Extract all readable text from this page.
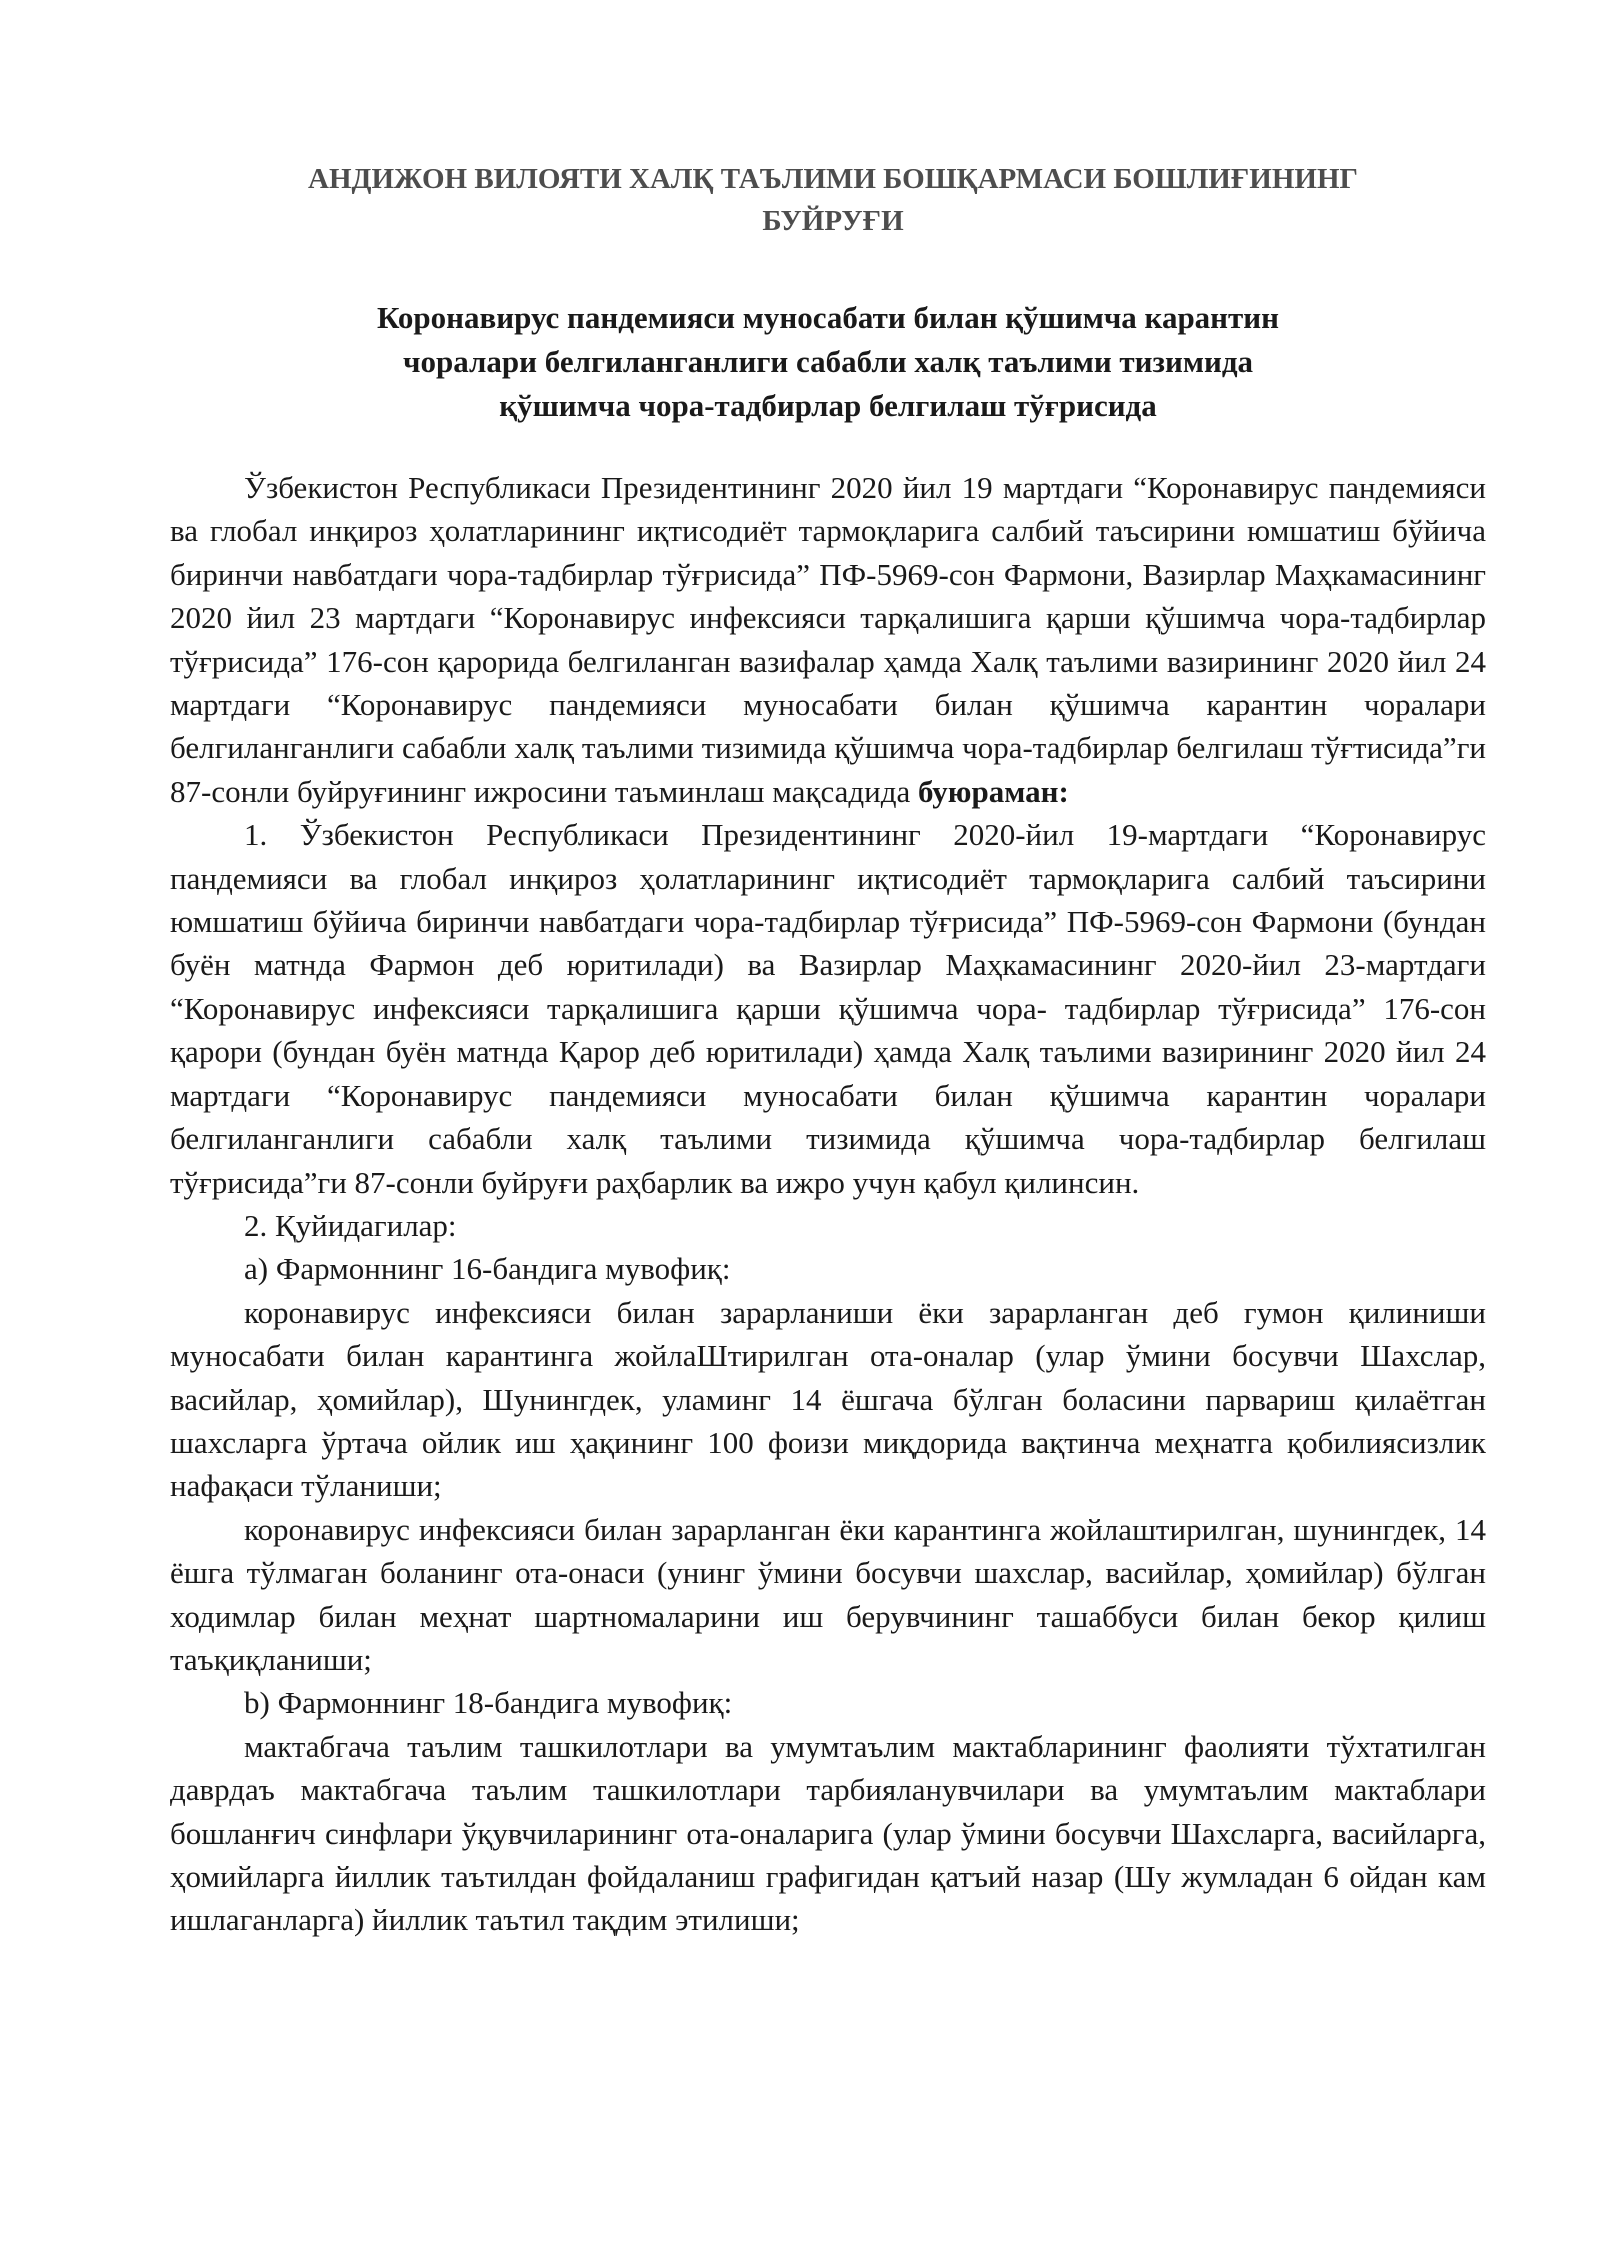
АНДИЖОН ВИЛОЯТИ ХАЛҚ ТАЪЛИМИ БОШҚАРМАСИ БОШЛИҒИНИНГ
БУЙРУҒИ
Коронавирус пандемияси муносабати билан қўшимча карантин
чоралари белгиланганлиги сабабли халқ таълими тизимида
қўшимча чора-тадбирлар белгилаш тўғрисида

Ўзбекистон Республикаси Президентининг 2020 йил 19 мартдаги “Коронавирус пандемияси ва глобал инқироз ҳолатларининг иқтисодиёт тармоқларига салбий таъсирини юмшатиш бўйича биринчи навбатдаги чора-тадбирлар тўғрисида” ПФ-5969-сон Фармони, Вазирлар Маҳкамасининг 2020 йил 23 мартдаги “Коронавирус инфексияси тарқалишига қарши қўшимча чора-тадбирлар тўғрисида” 176-сон қарорида белгиланган вазифалар ҳамда Халқ таълими вазирининг 2020 йил 24 мартдаги “Коронавирус пандемияси муносабати билан қўшимча карантин чоралари белгиланганлиги сабабли халқ таълими тизимида қўшимча чора-тадбирлар белгилаш тўғтисида”ги 87-сонли буйруғининг ижросини таъминлаш мақсадида буюраман:

1. Ўзбекистон Республикаси Президентининг 2020-йил 19-мартдаги “Коронавирус пандемияси ва глобал инқироз ҳолатларининг иқтисодиёт тармоқларига салбий таъсирини юмшатиш бўйича биринчи навбатдаги чора-тадбирлар тўғрисида” ПФ-5969-сон Фармони (бундан буён матнда Фармон деб юритилади) ва Вазирлар Маҳкамасининг 2020-йил 23-мартдаги “Коронавирус инфексияси тарқалишига қарши қўшимча чора- тадбирлар тўғрисида” 176-сон қарори (бундан буён матнда Қарор деб юритилади) ҳамда Халқ таълими вазирининг 2020 йил 24 мартдаги “Коронавирус пандемияси муносабати билан қўшимча карантин чоралари белгиланганлиги сабабли халқ таълими тизимида қўшимча чора-тадбирлар белгилаш тўғрисида”ги 87-сонли буйруғи раҳбарлик ва ижро учун қабул қилинсин.

2. Қуйидагилар:

a) Фармоннинг 16-бандига мувофиқ:

коронавирус инфексияси билан зарарланиши ёки зарарланган деб гумон қилиниши муносабати билан карантинга жойлаШтирилган ота-оналар (улар ўмини босувчи Шахслар, васийлар, ҳомийлар), Шунингдек, уламинг 14 ёшгача бўлган боласини парвариш қилаётган шахсларга ўртача ойлик иш ҳақининг 100 фоизи миқдорида вақтинча меҳнатга қобилиясизлик нафақаси тўланиши;

коронавирус инфексияси билан зарарланган ёки карантинга жойлаштирилган, шунингдек, 14 ёшга тўлмаган боланинг ота-онаси (унинг ўмини босувчи шахслар, васийлар, ҳомийлар) бўлган ходимлар билан меҳнат шартномаларини иш берувчининг ташаббуси билан бекор қилиш таъқиқланиши;

b) Фармоннинг 18-бандига мувофиқ:

мактабгача таълим ташкилотлари ва умумтаълим мактабларининг фаолияти тўхтатилган даврдаъ мактабгача таълим ташкилотлари тарбияланувчилари ва умумтаълим мактаблари бошланғич синфлари ўқувчиларининг ота-оналарига (улар ўмини босувчи Шахсларга, васийларга, ҳомийларга йиллик таътилдан фойдаланиш графигидан қатъий назар (Шу жумладан 6 ойдан кам ишлаганларга) йиллик таътил тақдим этилиши;
